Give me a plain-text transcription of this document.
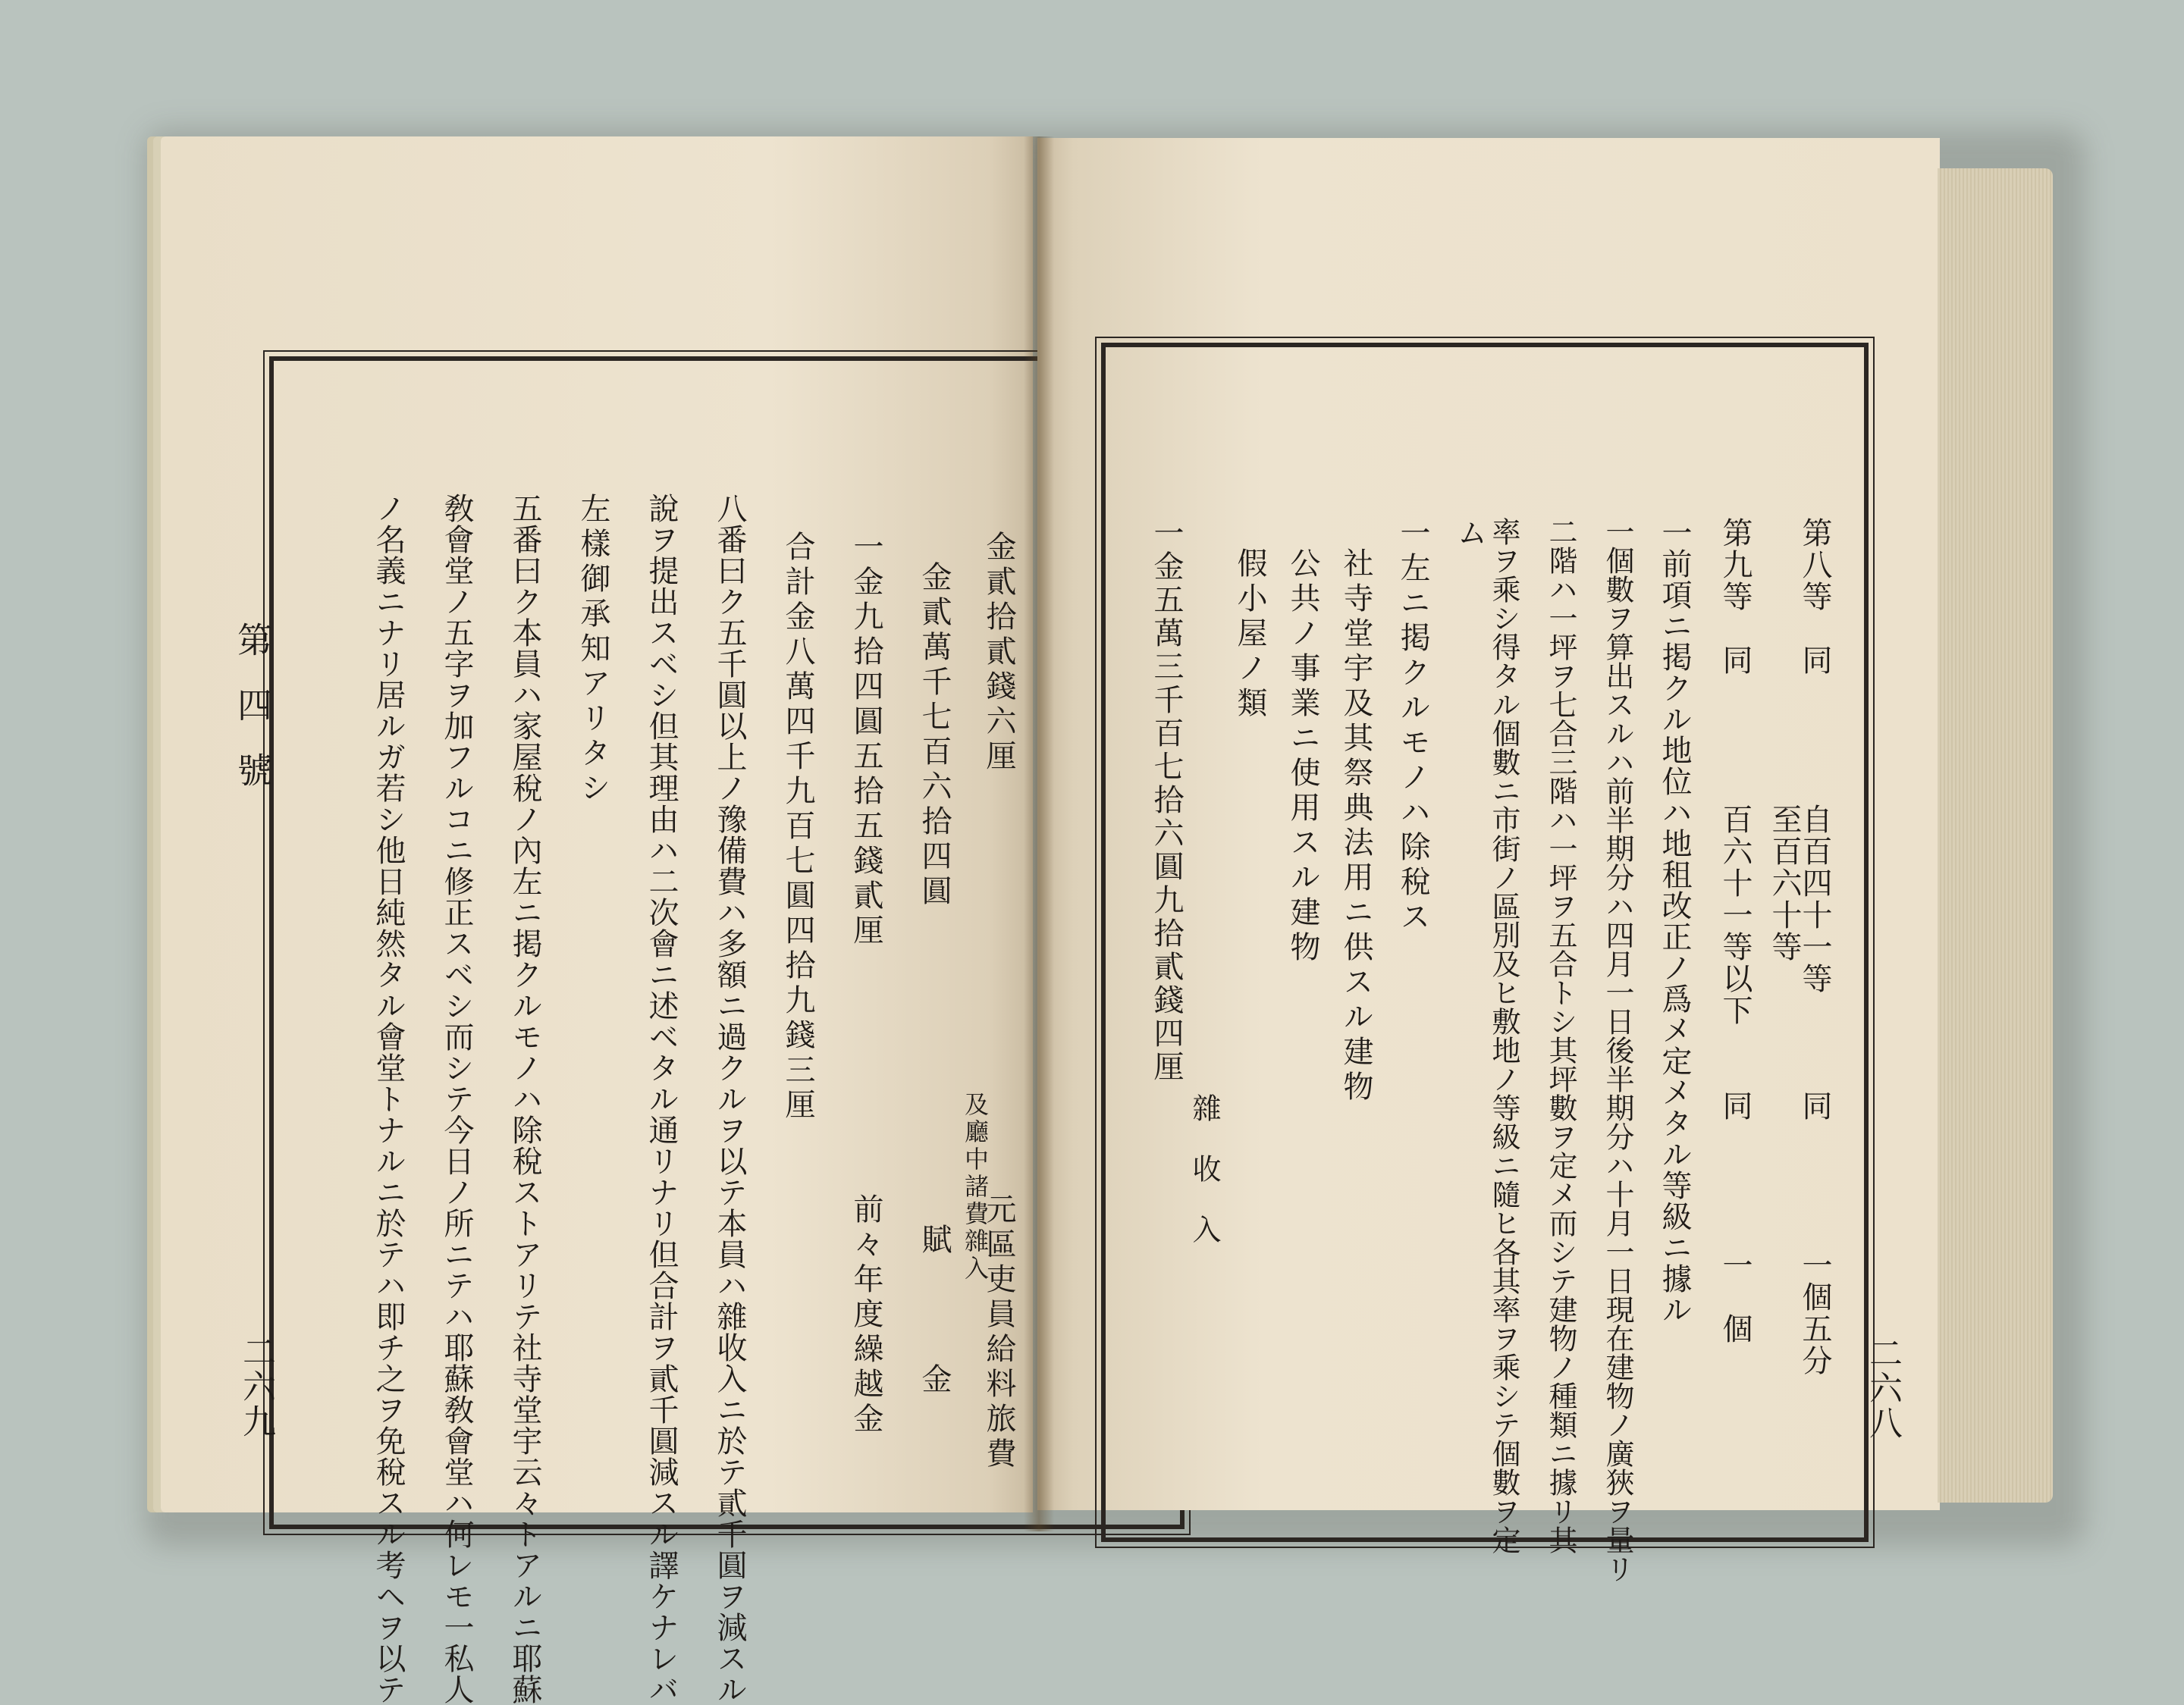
金貳拾貳錢六厘　　　　　　　　　　　　元區吏員給料旅費
及廳中諸費雜入
金貳萬千七百六拾四圓　　　　　　　　　賦　　　金
一金九拾四圓五拾五錢貳厘　　　　　　　前々年度繰越金
合計金八萬四千九百七圓四拾九錢三厘
八番曰ク五千圓以上ノ豫備費ハ多額ニ過クルヲ以テ本員ハ雜收入ニ於テ貳千圓ヲ減スル
說ヲ提出スベシ但其理由ハ二次會ニ述ベタル通リナリ但合計ヲ貳千圓減スル譯ケナレバ
左樣御承知アリタシ
五番曰ク本員ハ家屋稅ノ內左ニ掲クルモノハ除稅ストアリテ社寺堂宇云々トアルニ耶蘇
敎會堂ノ五字ヲ加フルコニ修正スベシ而シテ今日ノ所ニテハ耶蘇敎會堂ハ何レモ一私人
ノ名義ニナリ居ルガ若シ他日純然タル會堂トナルニ於テハ即チ之ヲ免稅スル考ヘヲ以テ
第四號
二六九
第八等　同　　　　自百四十一等　　　同　　　　一個五分
　　　　　　　　　至百六十等
第九等　同　　　　百六十一等以下　　同　　　　一　個
一前項ニ掲クル地位ハ地租改正ノ爲メ定メタル等級ニ據ル
一個數ヲ算出スルハ前半期分ハ四月一日後半期分ハ十月一日現在建物ノ廣狹ヲ量リ
二階ハ一坪ヲ七合三階ハ一坪ヲ五合トシ其坪數ヲ定メ而シテ建物ノ種類ニ據リ其
率ヲ乘シ得タル個數ニ市街ノ區別及ヒ敷地ノ等級ニ隨ヒ各其率ヲ乘シテ個數ヲ定
ム
一左ニ掲クルモノハ除稅ス
社寺堂宇及其祭典法用ニ供スル建物
公共ノ事業ニ使用スル建物
假小屋ノ類
　　　　　　　　　　　　　　　　　　　雜　收　入
一金五萬三千百七拾六圓九拾貳錢四厘
二六八
